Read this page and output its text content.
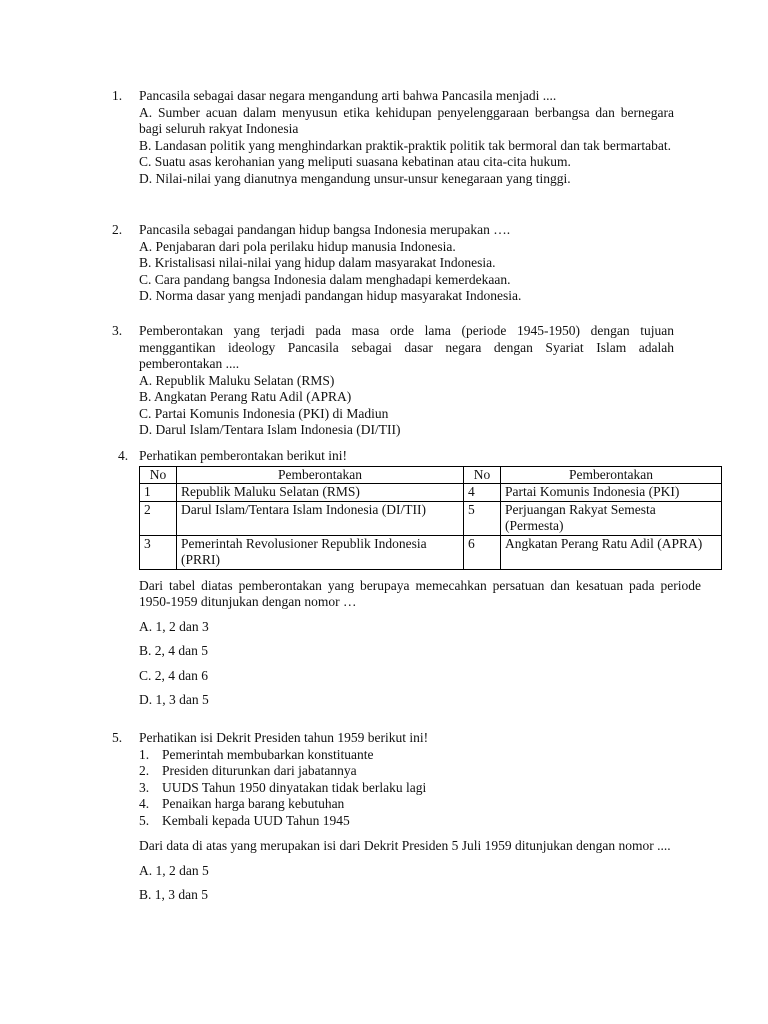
1. Pancasila sebagai dasar negara mengandung arti bahwa Pancasila menjadi ....
A. Sumber acuan dalam menyusun etika kehidupan penyelenggaraan berbangsa dan bernegara bagi seluruh rakyat Indonesia
B. Landasan politik yang menghindarkan praktik-praktik politik tak bermoral dan tak bermartabat.
C. Suatu asas kerohanian yang meliputi suasana kebatinan atau cita-cita hukum.
D. Nilai-nilai yang dianutnya mengandung unsur-unsur kenegaraan yang tinggi.
2. Pancasila sebagai pandangan hidup bangsa Indonesia merupakan ….
A. Penjabaran dari pola perilaku hidup manusia Indonesia.
B. Kristalisasi nilai-nilai yang hidup dalam masyarakat Indonesia.
C. Cara pandang bangsa Indonesia dalam menghadapi kemerdekaan.
D. Norma dasar yang menjadi pandangan hidup masyarakat Indonesia.
3. Pemberontakan yang terjadi pada masa orde lama (periode 1945-1950) dengan tujuan menggantikan ideology Pancasila sebagai dasar negara dengan Syariat Islam adalah pemberontakan ....
A. Republik Maluku Selatan (RMS)
B. Angkatan Perang Ratu Adil (APRA)
C. Partai Komunis Indonesia (PKI) di Madiun
D. Darul Islam/Tentara Islam Indonesia (DI/TII)
4. Perhatikan pemberontakan berikut ini!
No	Pemberontakan	No	Pemberontakan
1	Republik Maluku Selatan (RMS)	4	Partai Komunis Indonesia (PKI)
2	Darul Islam/Tentara Islam Indonesia (DI/TII)	5	Perjuangan Rakyat Semesta (Permesta)
3	Pemerintah Revolusioner Republik Indonesia (PRRI)	6	Angkatan Perang Ratu Adil (APRA)
Dari tabel diatas pemberontakan yang berupaya memecahkan persatuan dan kesatuan pada periode 1950-1959 ditunjukan dengan nomor …
A. 1, 2 dan 3
B. 2, 4 dan 5
C. 2, 4 dan 6
D. 1, 3 dan 5
5. Perhatikan isi Dekrit Presiden tahun 1959 berikut ini!
1. Pemerintah membubarkan konstituante
2. Presiden diturunkan dari jabatannya
3. UUDS Tahun 1950 dinyatakan tidak berlaku lagi
4. Penaikan harga barang kebutuhan
5. Kembali kepada UUD Tahun 1945
Dari data di atas yang merupakan isi dari Dekrit Presiden 5 Juli 1959 ditunjukan dengan nomor ....
A. 1, 2 dan 5
B. 1, 3 dan 5
